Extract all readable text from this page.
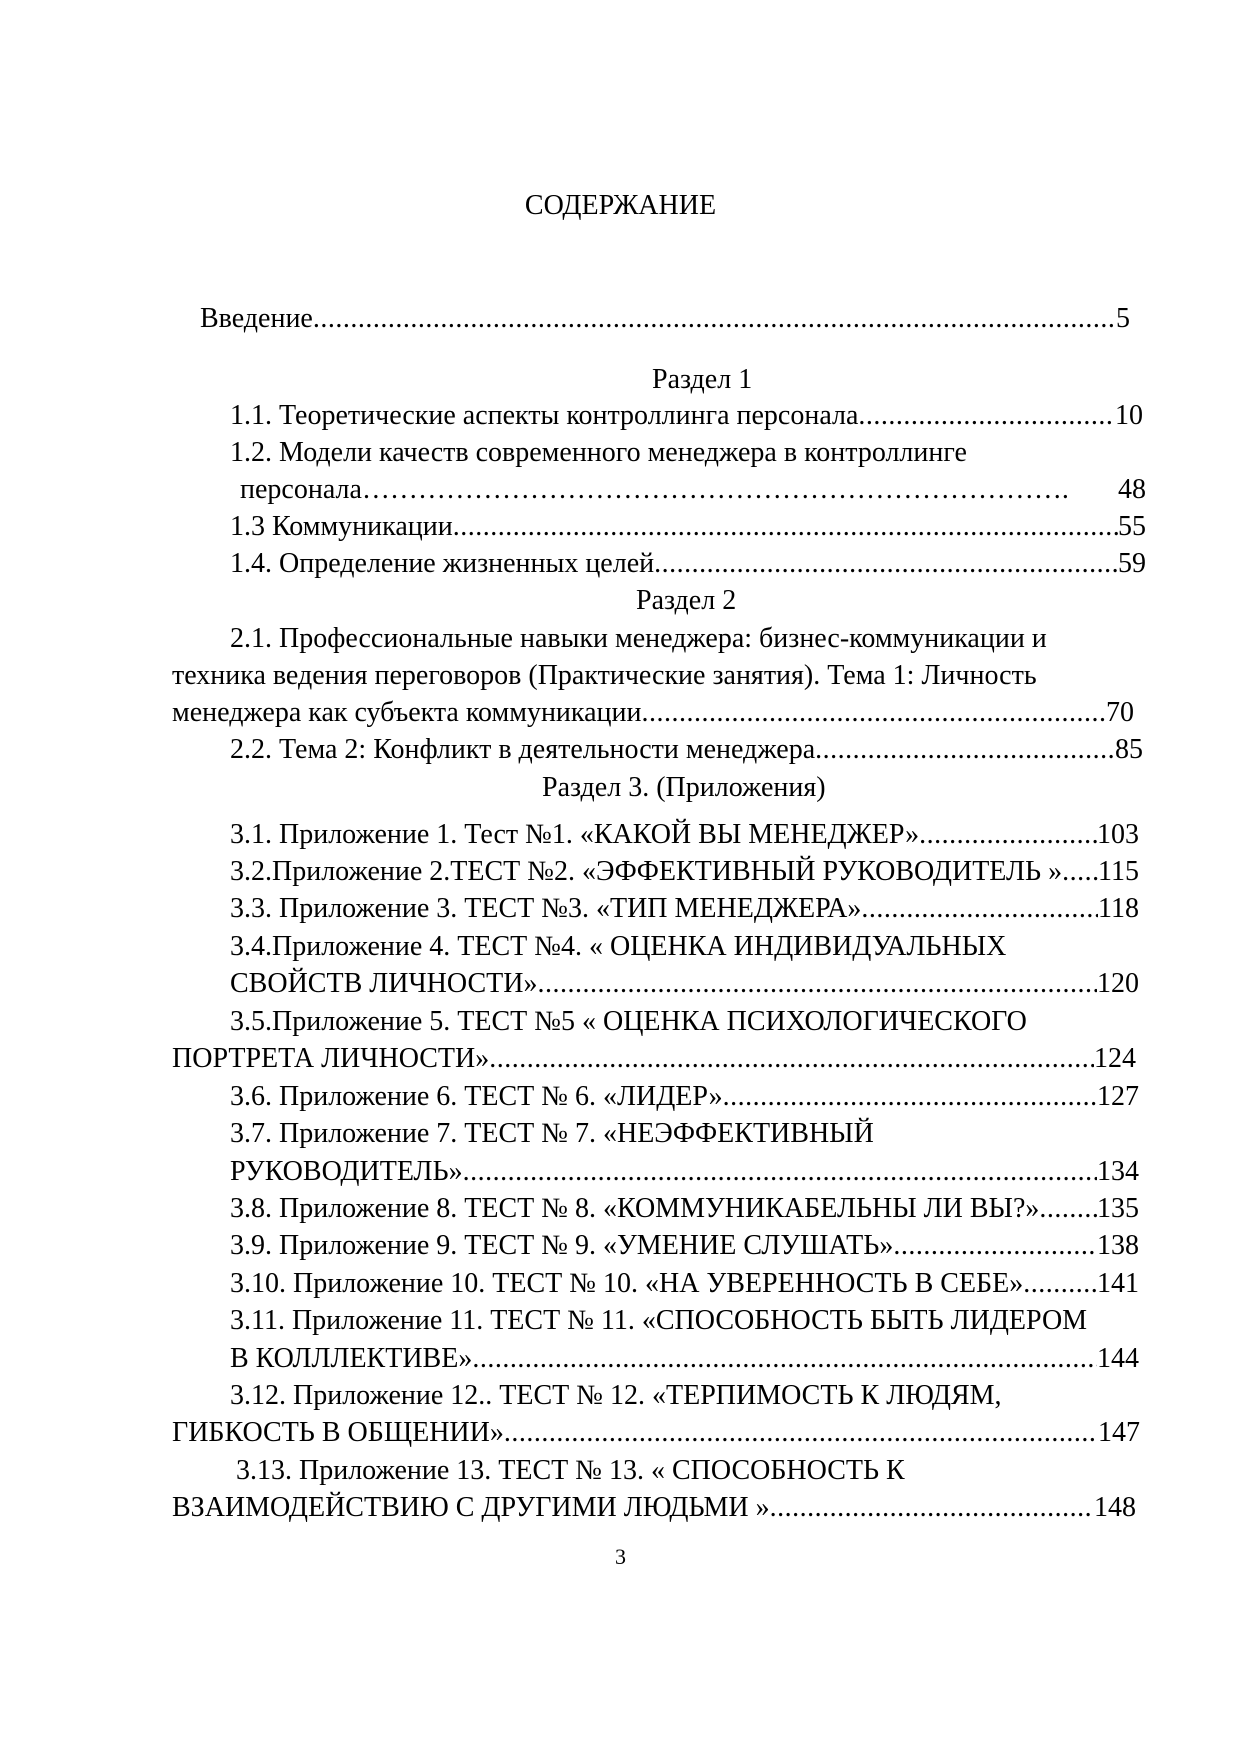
СОДЕРЖАНИЕ
Введение .....	5
Раздел 1
1.1. Теоретические аспекты контроллинга персонала .....	10
1.2. Модели качеств современного менеджера в контроллинге
персонала………………………………………………………………….	48
1.3 Коммуникации .....	55
1.4. Определение жизненных целей .....	59
Раздел 2
2.1. Профессиональные навыки менеджера: бизнес-коммуникации и
техника ведения переговоров (Практические занятия). Тема 1: Личность
менеджера как субъекта коммуникации .....	70
2.2. Тема 2: Конфликт в деятельности менеджера .....	85
Раздел 3. (Приложения)
3.1. Приложение 1. Тест №1. «КАКОЙ ВЫ МЕНЕДЖЕР» .....	103
3.2.Приложение 2.ТЕСТ №2. «ЭФФЕКТИВНЫЙ РУКОВОДИТЕЛЬ » ..... 115
3.3. Приложение 3. ТЕСТ №3. «ТИП МЕНЕДЖЕРА» .....	118
3.4.Приложение 4. ТЕСТ №4. « ОЦЕНКА ИНДИВИДУАЛЬНЫХ
СВОЙСТВ ЛИЧНОСТИ» .....	120
3.5.Приложение 5. ТЕСТ №5 « ОЦЕНКА ПСИХОЛОГИЧЕСКОГО
ПОРТРЕТА ЛИЧНОСТИ» .....	124
3.6. Приложение 6. ТЕСТ № 6. «ЛИДЕР» .....	127
3.7. Приложение 7. ТЕСТ № 7. «НЕЭФФЕКТИВНЫЙ
РУКОВОДИТЕЛЬ» .....	134
3.8. Приложение 8. ТЕСТ № 8. «КОММУНИКАБЕЛЬНЫ ЛИ ВЫ?» ..... 135
3.9. Приложение 9. ТЕСТ № 9. «УМЕНИЕ СЛУШАТЬ» .....	138
3.10. Приложение 10. ТЕСТ № 10. «НА УВЕРЕННОСТЬ В СЕБЕ» .....	141
3.11. Приложение 11. ТЕСТ № 11. «СПОСОБНОСТЬ БЫТЬ ЛИДЕРОМ
В КОЛЛЛЕКТИВЕ» .....	144
3.12. Приложение 12.. ТЕСТ № 12. «ТЕРПИМОСТЬ К ЛЮДЯМ,
ГИБКОСТЬ В ОБЩЕНИИ» .....	147
3.13. Приложение 13. ТЕСТ № 13. « СПОСОБНОСТЬ К
ВЗАИМОДЕЙСТВИЮ С ДРУГИМИ ЛЮДЬМИ » .....	148
3
